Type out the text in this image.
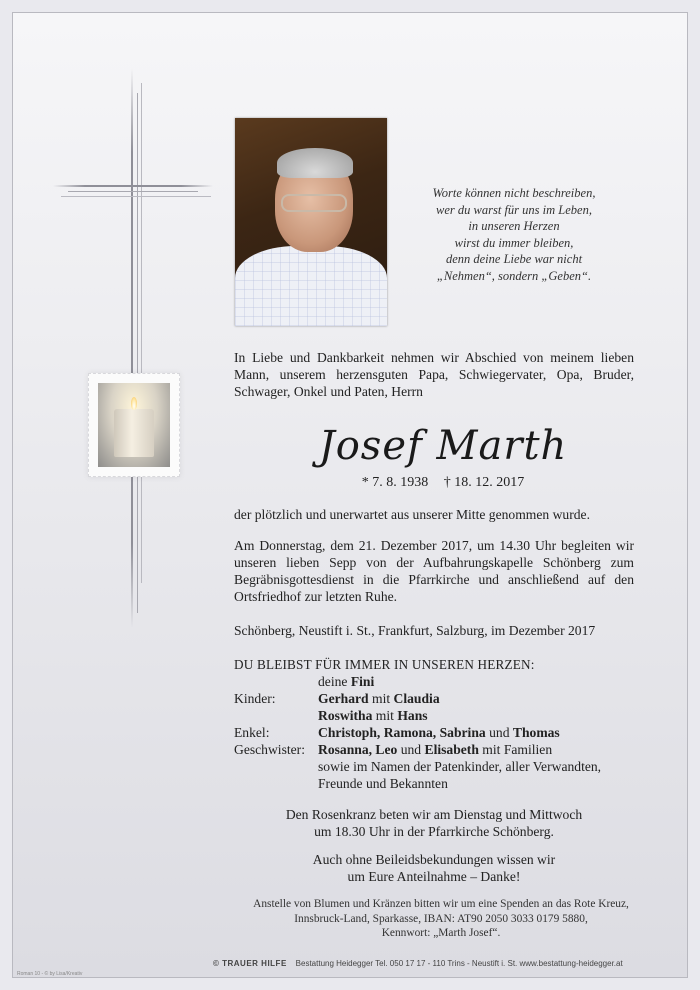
Worte können nicht beschreiben,
wer du warst für uns im Leben,
in unseren Herzen
wirst du immer bleiben,
denn deine Liebe war nicht
„Nehmen“, sondern „Geben“.
In Liebe und Dankbarkeit nehmen wir Abschied von meinem lieben Mann, unserem herzensguten Papa, Schwiegervater, Opa, Bruder, Schwager, Onkel und Paten, Herrn
Josef Marth
* 7. 8. 1938 † 18. 12. 2017
der plötzlich und unerwartet aus unserer Mitte genommen wurde.
Am Donnerstag, dem 21. Dezember 2017, um 14.30 Uhr begleiten wir unseren lieben Sepp von der Aufbahrungskapelle Schönberg zum Begräbnisgottesdienst in die Pfarrkirche und anschließend auf den Ortsfriedhof zur letzten Ruhe.
Schönberg, Neustift i. St., Frankfurt, Salzburg, im Dezember 2017
DU BLEIBST FÜR IMMER IN UNSEREN HERZEN:
deine Fini
Kinder:	Gerhard mit Claudia
Roswitha mit Hans
Enkel:	Christoph, Ramona, Sabrina und Thomas
Geschwister: Rosanna, Leo und Elisabeth mit Familien
sowie im Namen der Patenkinder, aller Verwandten,
Freunde und Bekannten
Den Rosenkranz beten wir am Dienstag und Mittwoch
um 18.30 Uhr in der Pfarrkirche Schönberg.
Auch ohne Beileidsbekundungen wissen wir
um Eure Anteilnahme – Danke!
Anstelle von Blumen und Kränzen bitten wir um eine Spenden an das Rote Kreuz,
Innsbruck-Land, Sparkasse, IBAN: AT90 2050 3033 0179 5880,
Kennwort: „Marth Josef“.
© TRAUER HILFE Bestattung Heidegger Tel. 050 17 17 - 110 Trins - Neustift i. St. www.bestattung-heidegger.at
Roman 10 - © by Lisa/Kreativ
